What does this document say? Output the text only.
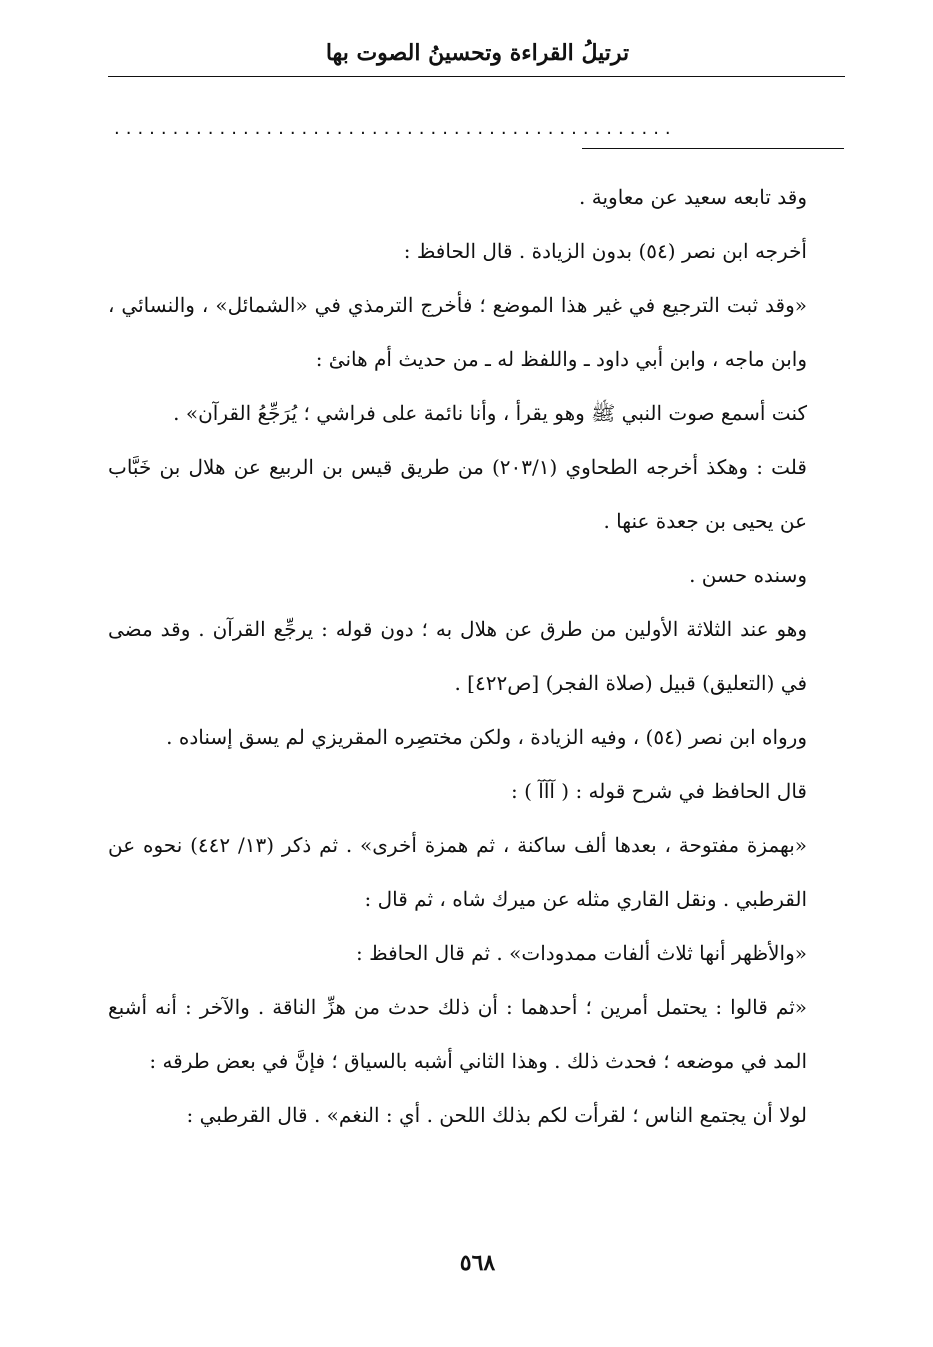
ترتيلُ القراءة وتحسينُ الصوت بها
................................................

وقد تابعه سعيد عن معاوية .

أخرجه ابن نصر (٥٤) بدون الزيادة . قال الحافظ :

«وقد ثبت الترجيع في غير هذا الموضع ؛ فأخرج الترمذي في «الشمائل» ، والنسائي ، وابن ماجه ، وابن أبي داود ـ واللفظ له ـ من حديث أم هانئ :

كنت أسمع صوت النبي ﷺ وهو يقرأ ، وأنا نائمة على فراشي ؛ يُرَجِّعُ القرآن» .

قلت : وهكذ أخرجه الطحاوي (٢٠٣/١) من طريق قيس بن الربيع عن هلال بن خَبَّاب عن يحيى بن جعدة عنها .

وسنده حسن .

وهو عند الثلاثة الأولين من طرق عن هلال به ؛ دون قوله : يرجِّع القرآن . وقد مضى في (التعليق) قبيل (صلاة الفجر) [ص٤٢٢] .

ورواه ابن نصر (٥٤) ، وفيه الزيادة ، ولكن مختصِره المقريزي لم يسق إسناده .

قال الحافظ في شرح قوله : ( آآآ ) :

«بهمزة مفتوحة ، بعدها ألف ساكنة ، ثم همزة أخرى» . ثم ذكر (١٣/ ٤٤٢) نحوه عن القرطبي . ونقل القاري مثله عن ميرك شاه ، ثم قال :

«والأظهر أنها ثلاث ألفات ممدودات» . ثم قال الحافظ :

«ثم قالوا : يحتمل أمرين ؛ أحدهما : أن ذلك حدث من هزِّ الناقة . والآخر : أنه أشبع المد في موضعه ؛ فحدث ذلك . وهذا الثاني أشبه بالسياق ؛ فإنَّ في بعض طرقه :

لولا أن يجتمع الناس ؛ لقرأت لكم بذلك اللحن . أي : النغم» . قال القرطبي :

٥٦٨
